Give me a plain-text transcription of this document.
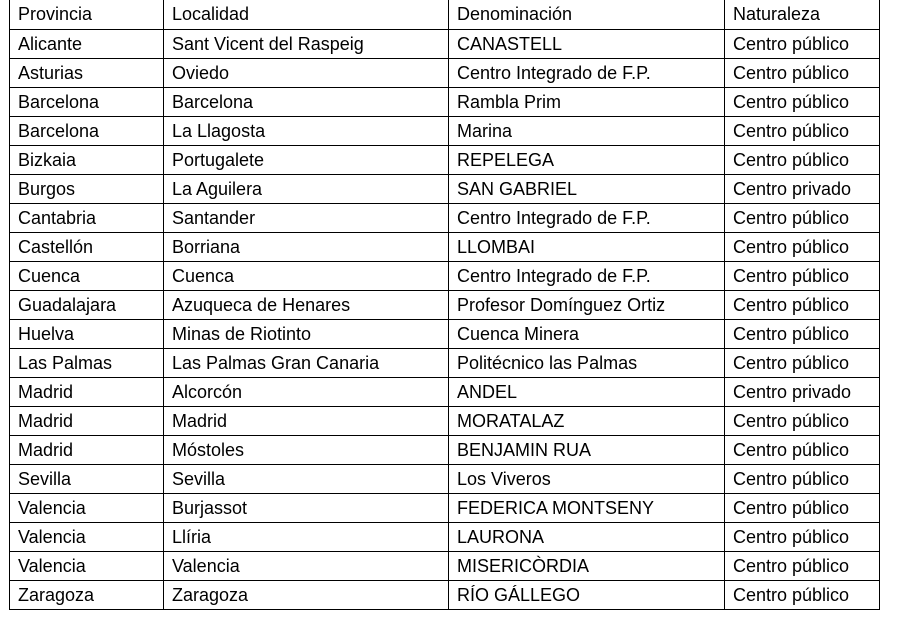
Provincia	Localidad	Denominación	Naturaleza
Alicante	Sant Vicent del Raspeig	CANASTELL	Centro público
Asturias	Oviedo	Centro Integrado de F.P.	Centro público
Barcelona	Barcelona	Rambla Prim	Centro público
Barcelona	La Llagosta	Marina	Centro público
Bizkaia	Portugalete	REPELEGA	Centro público
Burgos	La Aguilera	SAN GABRIEL	Centro privado
Cantabria	Santander	Centro Integrado de F.P.	Centro público
Castellón	Borriana	LLOMBAI	Centro público
Cuenca	Cuenca	Centro Integrado de F.P.	Centro público
Guadalajara	Azuqueca de Henares	Profesor Domínguez Ortiz	Centro público
Huelva	Minas de Riotinto	Cuenca Minera	Centro público
Las Palmas	Las Palmas Gran Canaria	Politécnico las Palmas	Centro público
Madrid	Alcorcón	ANDEL	Centro privado
Madrid	Madrid	MORATALAZ	Centro público
Madrid	Móstoles	BENJAMIN RUA	Centro público
Sevilla	Sevilla	Los Viveros	Centro público
Valencia	Burjassot	FEDERICA MONTSENY	Centro público
Valencia	Llíria	LAURONA	Centro público
Valencia	Valencia	MISERICÒRDIA	Centro público
Zaragoza	Zaragoza	RÍO GÁLLEGO	Centro público
